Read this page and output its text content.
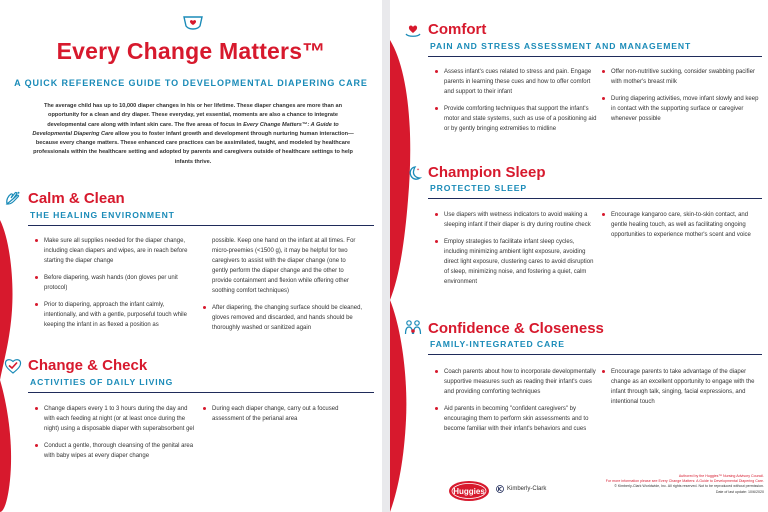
Every Change Matters™
A QUICK REFERENCE GUIDE TO DEVELOPMENTAL DIAPERING CARE

The average child has up to 10,000 diaper changes in his or her lifetime. These diaper changes are more than an opportunity for a clean and dry diaper. These everyday, yet essential, moments are also a chance to integrate developmental care along with infant skin care. The five areas of focus in Every Change Matters™: A Guide to Developmental Diapering Care allow you to foster infant growth and development through nurturing human interaction—because every change matters. These enhanced care practices can be assimilated, taught, and modeled by healthcare professionals within the healthcare setting and adopted by parents and caregivers outside of healthcare settings to help infants thrive.

Calm & Clean
THE HEALING ENVIRONMENT
Make sure all supplies needed for the diaper change, including clean diapers and wipes, are in reach before starting the diaper change
Before diapering, wash hands (don gloves per unit protocol)
Prior to diapering, approach the infant calmly, intentionally, and with a gentle, purposeful touch while keeping the infant in as flexed a position as
possible. Keep one hand on the infant at all times. For micro-preemies (<1500 g), it may be helpful for two caregivers to assist with the diaper change (one to gently perform the diaper change and the other to provide containment and flexion while offering other soothing comfort techniques)
After diapering, the changing surface should be cleaned, gloves removed and discarded, and hands should be thoroughly washed or sanitized again
Change & Check
ACTIVITIES OF DAILY LIVING
Change diapers every 1 to 3 hours during the day and with each feeding at night (or at least once during the night) using a disposable diaper with superabsorbent gel
Conduct a gentle, thorough cleansing of the genital area with baby wipes at every diaper change
During each diaper change, carry out a focused assessment of the perianal area
Comfort
PAIN AND STRESS ASSESSMENT AND MANAGEMENT
Assess infant's cues related to stress and pain. Engage parents in learning these cues and how to offer comfort and support to their infant
Provide comforting techniques that support the infant's motor and state systems, such as use of a positioning aid or by gently bringing extremities to midline
Offer non-nutritive sucking, consider swabbing pacifier with mother's breast milk
During diapering activities, move infant slowly and keep in contact with the supporting surface or caregiver whenever possible
Champion Sleep
PROTECTED SLEEP
Use diapers with wetness indicators to avoid waking a sleeping infant if their diaper is dry during routine check
Employ strategies to facilitate infant sleep cycles, including minimizing ambient light exposure, avoiding direct light exposure, clustering cares to avoid disruption of sleep, minimizing noise, and fostering a quiet, calm environment
Encourage kangaroo care, skin-to-skin contact, and gentle healing touch, as well as facilitating ongoing opportunities to experience mother's scent and voice
Confidence & Closeness
FAMILY-INTEGRATED CARE
Coach parents about how to incorporate developmentally supportive measures such as reading their infant's cues and providing comforting techniques
Aid parents in becoming "confident caregivers" by encouraging them to perform skin assessments and to become familiar with their infant's behaviors and cues
Encourage parents to take advantage of the diaper change as an excellent opportunity to engage with the infant through talk, singing, facial expressions, and intentional touch
Huggies	Kimberly-Clark
Authored by the Huggies™ Nursing Advisory Council.
For more information please see Every Change Matters: A Guide to Developmental Diapering Care.
© Kimberly-Clark Worldwide, Inc. All rights reserved. Not to be reproduced without permission.
Date of last update: 10/6/2020
